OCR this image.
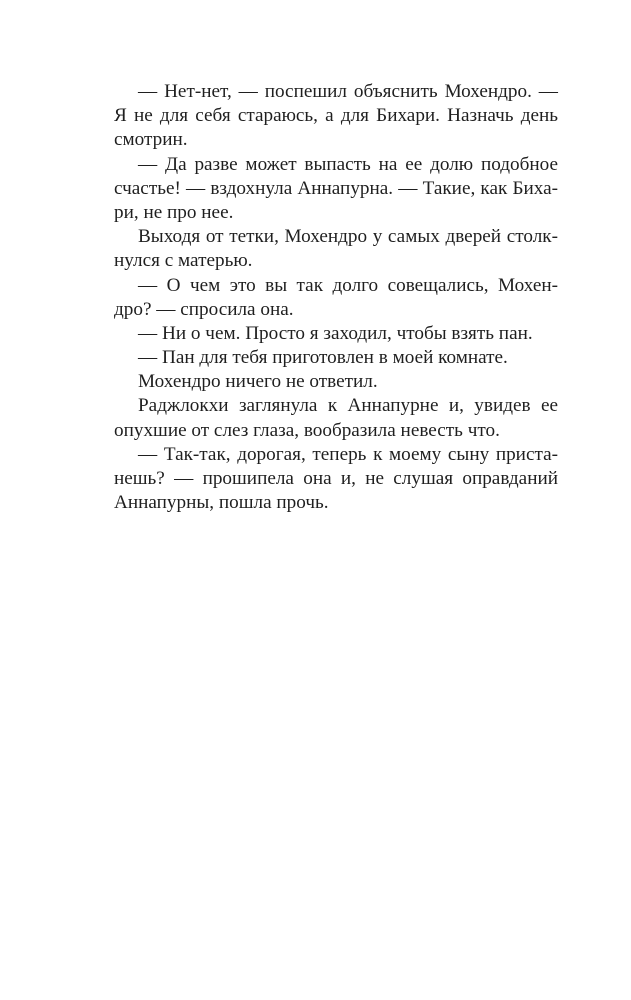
— Нет-нет, — поспешил объяснить Мохендро. —
Я не для себя стараюсь, а для Бихари. Назначь день
смотрин.
— Да разве может выпасть на ее долю подобное
счастье! — вздохнула Аннапурна. — Такие, как Биха-
ри, не про нее.
Выходя от тетки, Мохендро у самых дверей столк-
нулся с матерью.
— О чем это вы так долго совещались, Мохен-
дро? — спросила она.
— Ни о чем. Просто я заходил, чтобы взять пан.
— Пан для тебя приготовлен в моей комнате.
Мохендро ничего не ответил.
Раджлокхи заглянула к Аннапурне и, увидев ее
опухшие от слез глаза, вообразила невесть что.
— Так-так, дорогая, теперь к моему сыну приста-
нешь? — прошипела она и, не слушая оправданий
Аннапурны, пошла прочь.
